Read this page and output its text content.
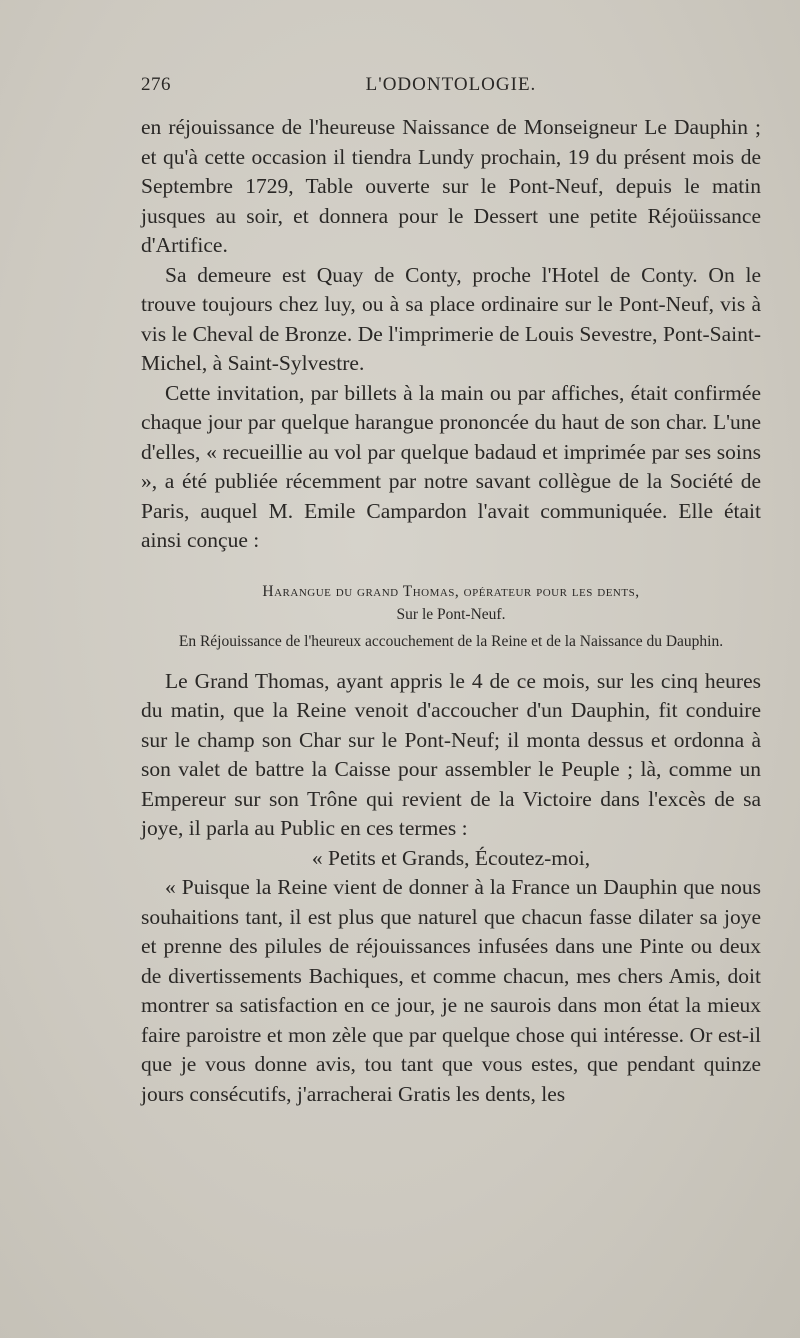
276	L'ODONTOLOGIE.

en réjouissance de l'heureuse Naissance de Monseigneur Le Dauphin ; et qu'à cette occasion il tiendra Lundy prochain, 19 du présent mois de Septembre 1729, Table ouverte sur le Pont-Neuf, depuis le matin jusques au soir, et donnera pour le Dessert une petite Réjoüissance d'Artifice.

Sa demeure est Quay de Conty, proche l'Hotel de Conty. On le trouve toujours chez luy, ou à sa place ordinaire sur le Pont-Neuf, vis à vis le Cheval de Bronze. De l'imprimerie de Louis Sevestre, Pont-Saint-Michel, à Saint-Sylvestre.

Cette invitation, par billets à la main ou par affiches, était confirmée chaque jour par quelque harangue prononcée du haut de son char. L'une d'elles, « recueillie au vol par quelque badaud et imprimée par ses soins », a été publiée récemment par notre savant collègue de la Société de Paris, auquel M. Emile Campardon l'avait communiquée. Elle était ainsi conçue :

Harangue du grand Thomas, opérateur pour les dents,
Sur le Pont-Neuf.
En Réjouissance de l'heureux accouchement de la Reine et de la Naissance du Dauphin.

Le Grand Thomas, ayant appris le 4 de ce mois, sur les cinq heures du matin, que la Reine venoit d'accoucher d'un Dauphin, fit conduire sur le champ son Char sur le Pont-Neuf; il monta dessus et ordonna à son valet de battre la Caisse pour assembler le Peuple ; là, comme un Empereur sur son Trône qui revient de la Victoire dans l'excès de sa joye, il parla au Public en ces termes :

« Petits et Grands, Écoutez-moi,

« Puisque la Reine vient de donner à la France un Dauphin que nous souhaitions tant, il est plus que naturel que chacun fasse dilater sa joye et prenne des pilules de réjouissances infusées dans une Pinte ou deux de divertissements Bachiques, et comme chacun, mes chers Amis, doit montrer sa satisfaction en ce jour, je ne saurois dans mon état la mieux faire paroistre et mon zèle que par quelque chose qui intéresse. Or est-il que je vous donne avis, tou tant que vous estes, que pendant quinze jours consécutifs, j'arracherai Gratis les dents, les
